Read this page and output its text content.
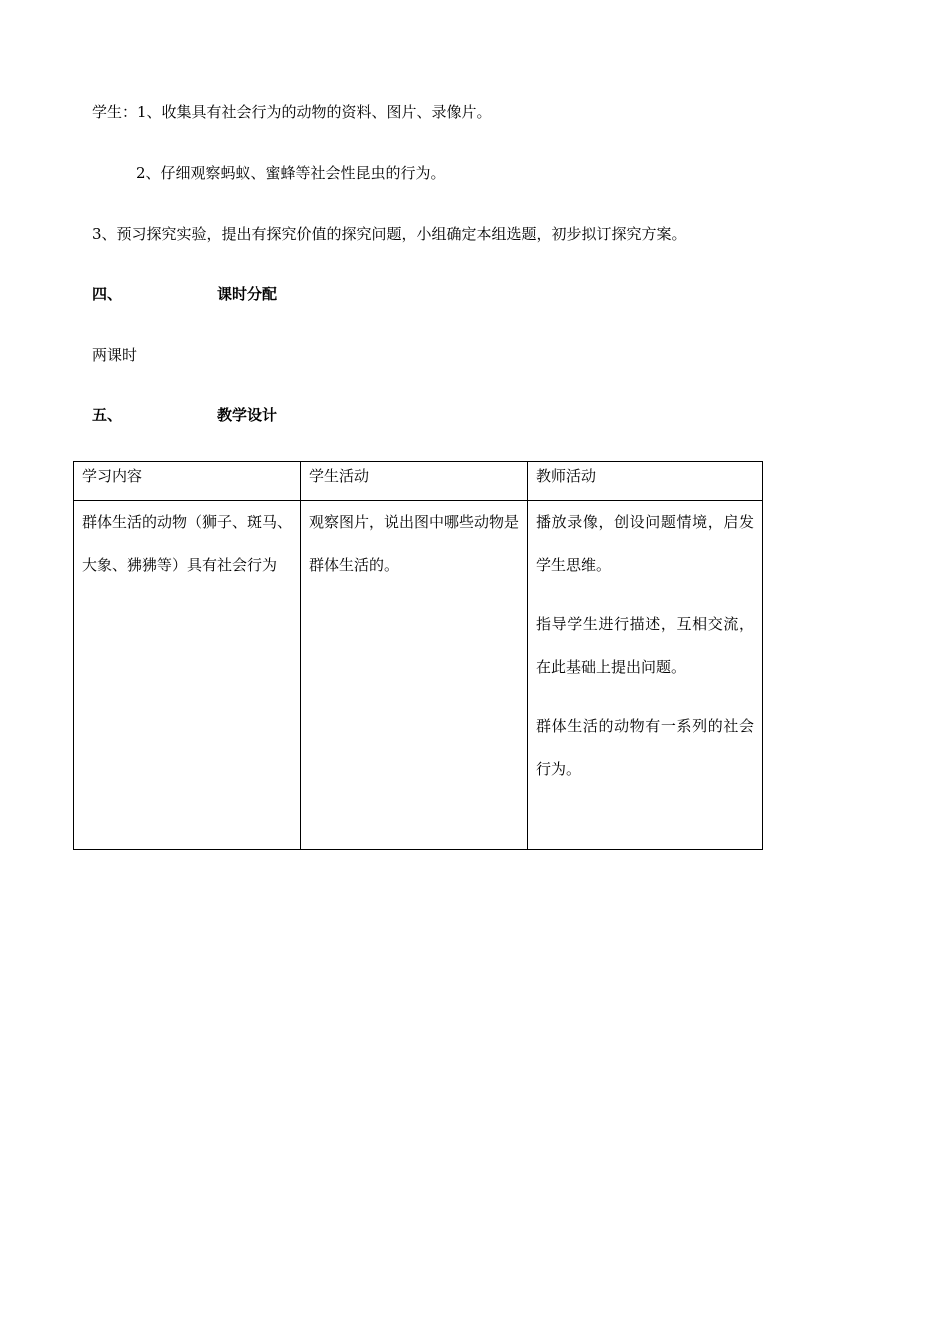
学生：1、收集具有社会行为的动物的资料、图片、录像片。
2、仔细观察蚂蚁、蜜蜂等社会性昆虫的行为。
3、预习探究实验，提出有探究价值的探究问题，小组确定本组选题，初步拟订探究方案。
四、	课时分配
两课时
五、	教学设计
学习内容	学生活动	教师活动

群体生活的动物（狮子、斑马、大象、狒狒等）具有社会行为	观察图片，说出图中哪些动物是群体生活的。	播放录像，创设问题情境，启发学生思维。

指导学生进行描述，互相交流，在此基础上提出问题。

群体生活的动物有一系列的社会行为。
